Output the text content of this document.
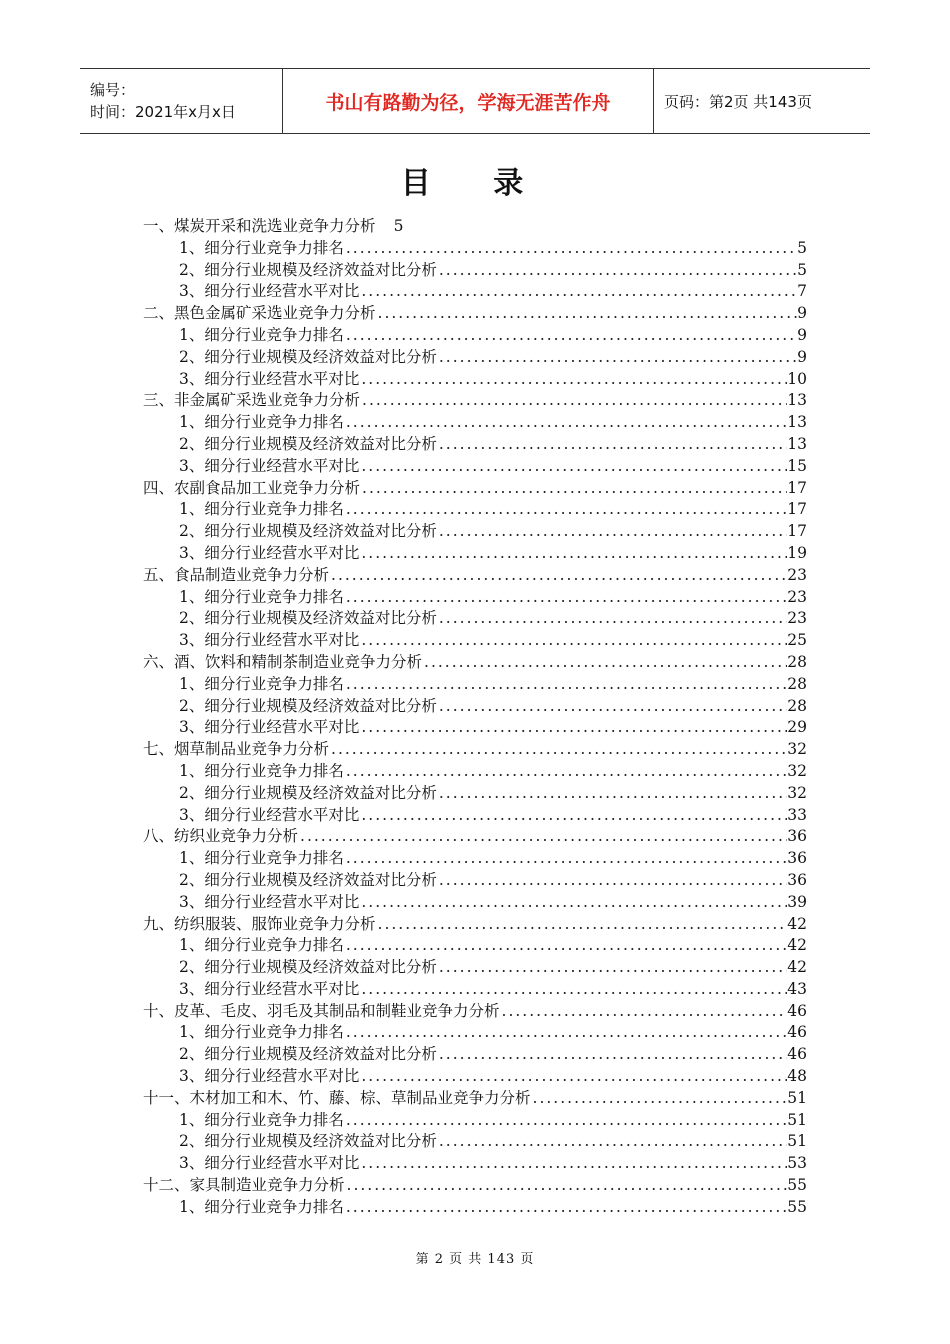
编号：
时间：2021年x月x日	书山有路勤为径，学海无涯苦作舟	页码：第2页 共143页
目 录
一、煤炭开采和洗选业竞争力分析 5
1、细分行业竞争力排名 .....	5
2、细分行业规模及经济效益对比分析 .....	5
3、细分行业经营水平对比 .....	7
二、黑色金属矿采选业竞争力分析 .....	9
1、细分行业竞争力排名 .....	9
2、细分行业规模及经济效益对比分析 .....	9
3、细分行业经营水平对比 .....	10
三、非金属矿采选业竞争力分析 .....	13
1、细分行业竞争力排名 .....	13
2、细分行业规模及经济效益对比分析 .....	13
3、细分行业经营水平对比 .....	15
四、农副食品加工业竞争力分析 .....	17
1、细分行业竞争力排名 .....	17
2、细分行业规模及经济效益对比分析 .....	17
3、细分行业经营水平对比 .....	19
五、食品制造业竞争力分析 .....	23
1、细分行业竞争力排名 .....	23
2、细分行业规模及经济效益对比分析 .....	23
3、细分行业经营水平对比 .....	25
六、酒、饮料和精制茶制造业竞争力分析 .....	28
1、细分行业竞争力排名 .....	28
2、细分行业规模及经济效益对比分析 .....	28
3、细分行业经营水平对比 .....	29
七、烟草制品业竞争力分析 .....	32
1、细分行业竞争力排名 .....	32
2、细分行业规模及经济效益对比分析 .....	32
3、细分行业经营水平对比 .....	33
八、纺织业竞争力分析 .....	36
1、细分行业竞争力排名 .....	36
2、细分行业规模及经济效益对比分析 .....	36
3、细分行业经营水平对比 .....	39
九、纺织服装、服饰业竞争力分析 .....	42
1、细分行业竞争力排名 .....	42
2、细分行业规模及经济效益对比分析 .....	42
3、细分行业经营水平对比 .....	43
十、皮革、毛皮、羽毛及其制品和制鞋业竞争力分析 .....	46
1、细分行业竞争力排名 .....	46
2、细分行业规模及经济效益对比分析 .....	46
3、细分行业经营水平对比 .....	48
十一、木材加工和木、竹、藤、棕、草制品业竞争力分析 .....	51
1、细分行业竞争力排名 .....	51
2、细分行业规模及经济效益对比分析 .....	51
3、细分行业经营水平对比 .....	53
十二、家具制造业竞争力分析 .....	55
1、细分行业竞争力排名 .....	55
第 2 页 共 143 页
